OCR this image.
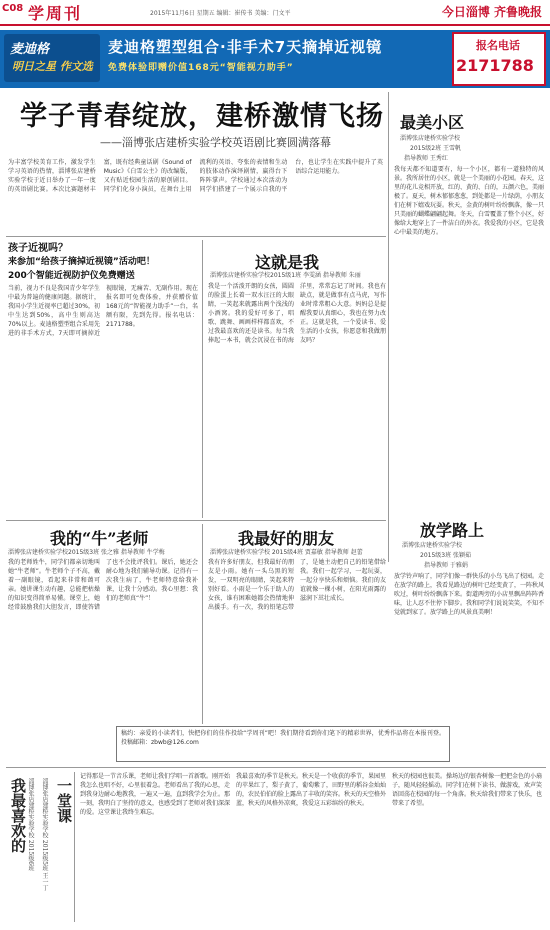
C08 学周刊	2015年11月6日 星期五 编辑：崔传书 美编：门文平	今日淄博 齐鲁晚报
麦迪格
明日之星 作文选
麦迪格塑型组合·非手术7天摘掉近视镜
免费体验即赠价值168元“智能视力助手”
报名电话
2171788
学子青春绽放，建桥激情飞扬
——淄博张店建桥实验学校英语剧比赛圆满落幕
为丰富学校美育工作，激发学生学习英语的热情，淄博张店建桥实验学校于近日举办了一年一度的英语剧比赛。本次比赛题材丰富，既有经典童话剧《Sound of Music》《白雪公主》的改编版，又有贴近校园生活的原创剧目。同学们化身小演员，在舞台上用流利的英语、夸张的表情和生动的肢体动作演绎剧情，赢得台下阵阵掌声。学校通过本次活动为同学们搭建了一个展示自我的平台，也让学生在实践中提升了英语综合运用能力。
最美小区
淄博张店建桥实验学校
2015级2班 王雪帆
指导教师 王秀红
我每天都不知道要有，每一个小区，都有一道独特的风景。我所居住的小区，就是一个美丽的小花园。春天，这里的花儿竞相开放，红的、黄的、白的，五颜六色，美丽极了。夏天，树木郁郁葱葱，到处都是一片绿荫，小朋友们在树下嬉戏玩耍。秋天，金黄的树叶纷纷飘落，像一只只美丽的蝴蝶翩翩起舞。冬天，白雪覆盖了整个小区，好像给大地穿上了一件洁白的外衣。我爱我的小区，它是我心中最美的地方。
放学路上
淄博张店建桥实验学校
2015级3班 张颖茹
指导教师 于雅娟
放学铃声响了，同学们像一群快乐的小鸟飞出了校园。走在放学的路上，我看见路边的树叶已经变黄了，一阵秋风吹过，树叶纷纷飘落下来。街道两旁的小店里飘出阵阵香味，让人忍不住停下脚步。我和同学们说说笑笑，不知不觉就到家了。放学路上的风景真美啊！
孩子近视吗？
来参加“给孩子摘掉近视镜”活动吧！
200个智能近视防护仪免费赠送
当前，视力不良是我国青少年学生中最为普遍的健康问题。据统计，我国小学生近视率已超过30%，初中生达到50%，高中生则高达70%以上。麦迪格塑型组合采用先进的非手术方式，7天即可摘掉近视眼镜，无痛苦、无副作用。现在报名即可免费体验，并获赠价值168元的“智能视力助手”一台，名额有限，先到先得。报名电话：2171788。
这就是我
淄博张店建桥实验学校2015级1班 李雯涵 指导教师 朱丽
我是一个活泼开朗的女孩，圆圆的脸蛋上长着一双水汪汪的大眼睛，一笑起来就露出两个浅浅的小酒窝。我的爱好可多了，唱歌、跳舞、画画样样都喜欢，不过我最喜欢的还是读书。每当我捧起一本书，就会沉浸在书的海洋里，常常忘记了时间。我也有缺点，就是做事有点马虎，写作业时常常粗心大意。妈妈总是提醒我要认真细心，我也在努力改正。这就是我，一个爱读书、爱生活的小女孩，你愿意和我做朋友吗？
我的“牛”老师
淄博张店建桥实验学校2015级3班 张之雅 指导教师 牛学梅
我的老师姓牛，同学们都亲切地叫她“牛老师”。牛老师个子不高，戴着一副眼镜，看起来非常和蔼可亲。她讲课生动有趣，总能把枯燥的知识变得简单易懂。课堂上，她经常鼓励我们大胆发言，即使答错了也不会批评我们。课后，她还会耐心地为我们辅导功课。记得有一次我生病了，牛老师特意给我补课，让我十分感动。我心里想：我们的老师真“牛”！
我最好的朋友
淄博张店建桥实验学校 2015级4班 贾嘉敏 指导教师 赵蕾
我有许多好朋友，但我最好的朋友是小雨。她有一头乌黑的短发，一双明亮的眼睛，笑起来特别好看。小雨是一个乐于助人的女孩，谁有困难她都会热情地伸出援手。有一次，我的铅笔忘带了，是她主动把自己的铅笔借给我。我们一起学习，一起玩耍，一起分享快乐和烦恼。我们的友谊就像一棵小树，在阳光雨露的滋润下茁壮成长。
稿约：亲爱的小读者们，快把你们的佳作投给“学周刊”吧！我们期待看到你们笔下的精彩世界，优秀作品将在本报刊登。投稿邮箱：zbwb@126.com
一堂课
淄博张店建桥实验学校 2015级5班 王一丁
我最喜欢的 淄博张店建桥实验学校 2015级6班
记得那是一节音乐课，老师让我们学唱一首新歌。刚开始我怎么也唱不好，心里很着急。老师看出了我的心思，走到我身边耐心地教我，一遍又一遍，直到我学会为止。那一刻，我明白了坚持的意义，也感受到了老师对我们深深的爱。这堂课让我终生难忘。
我最喜欢的季节是秋天。秋天是一个收获的季节，果园里的苹果红了，梨子黄了，葡萄紫了，田野里的稻谷金灿灿的，农民伯伯的脸上露出了丰收的笑容。秋天的天空格外蓝，秋天的风格外凉爽，我爱这五彩缤纷的秋天。
秋天的校园也很美。操场边的银杏树像一把把金色的小扇子，随风轻轻摇动。同学们在树下读书、做游戏，欢声笑语回荡在校园的每一个角落。秋天给我们带来了快乐，也带来了希望。
